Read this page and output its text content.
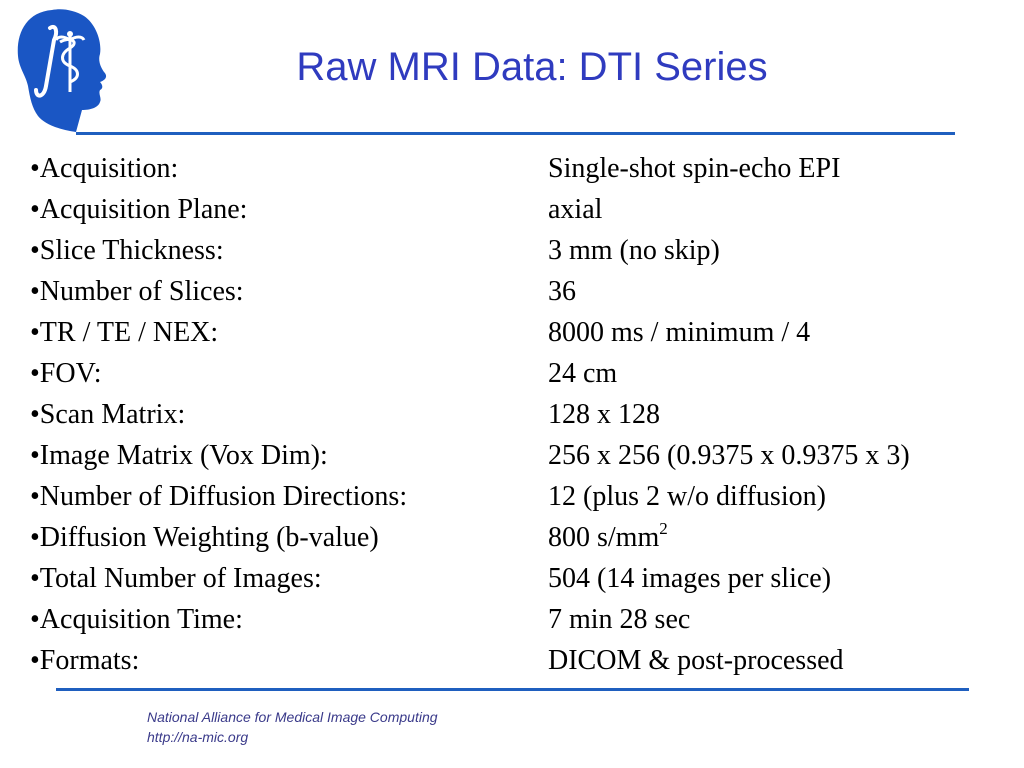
Raw MRI Data: DTI Series
•Acquisition:	Single-shot spin-echo EPI
•Acquisition Plane:	axial
•Slice Thickness:	3 mm (no skip)
•Number of Slices:	36
•TR / TE / NEX:	8000 ms / minimum / 4
•FOV:	24 cm
•Scan Matrix:	128 x 128
•Image Matrix (Vox Dim):	256 x 256 (0.9375 x 0.9375 x 3)
•Number of Diffusion Directions:	12 (plus 2 w/o diffusion)
•Diffusion Weighting (b-value)	800 $s/mm^2$
•Total Number of Images:	504 (14 images per slice)
•Acquisition Time:	7 min 28 sec
•Formats:	DICOM & post-processed
National Alliance for Medical Image Computing
http://na-mic.org
